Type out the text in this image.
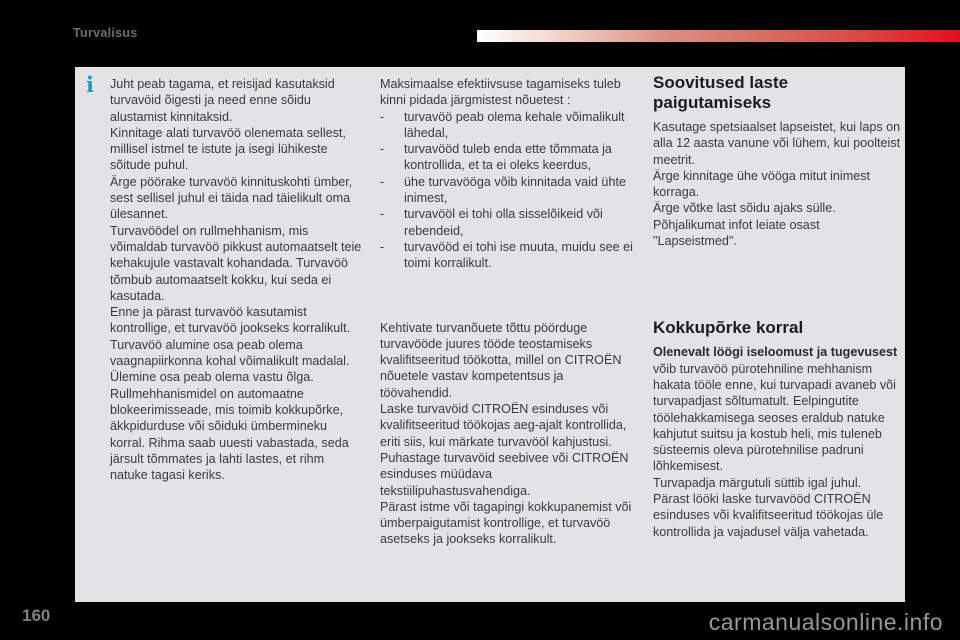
Turvalisus
i	Juht peab tagama, et reisijad kasutaksid turvavöid õigesti ja need enne sõidu alustamist kinnitaksid.

Kinnitage alati turvavöö olenemata sellest, millisel istmel te istute ja isegi lühikeste sõitude puhul.

Ärge pöörake turvavöö kinnituskohti ümber, sest sellisel juhul ei täida nad täielikult oma ülesannet.

Turvavöödel on rullmehhanism, mis võimaldab turvavöö pikkust automaatselt teie kehakujule vastavalt kohandada. Turvavöö tõmbub automaatselt kokku, kui seda ei kasutada.

Enne ja pärast turvavöö kasutamist kontrollige, et turvavöö jookseks korralikult.

Turvavöö alumine osa peab olema vaagnapiirkonna kohal võimalikult madalal. Ülemine osa peab olema vastu õlga.

Rullmehhanismidel on automaatne blokeerimisseade, mis toimib kokkupõrke, äkkpidurduse või sõiduki ümbermineku korral. Rihma saab uuesti vabastada, seda järsult tõmmates ja lahti lastes, et rihm natuke tagasi keriks.

Maksimaalse efektiivsuse tagamiseks tuleb kinni pidada järgmistest nõuetest :

-	turvavöö peab olema kehale võimalikult lähedal,
-	turvavööd tuleb enda ette tõmmata ja kontrollida, et ta ei oleks keerdus,
-	ühe turvavööga võib kinnitada vaid ühte inimest,
-	turvavööl ei tohi olla sisselõikeid või rebendeid,
-	turvavööd ei tohi ise muuta, muidu see ei toimi korralikult.

Kehtivate turvanõuete tõttu pöörduge turvavööde juures tööde teostamiseks kvalifitseeritud töökotta, millel on CITROËN nõuetele vastav kompetentsus ja töövahendid.

Laske turvavöid CITROËN esinduses või kvalifitseeritud töökojas aeg-ajalt kontrollida, eriti siis, kui märkate turvavööl kahjustusi.

Puhastage turvavöid seebivee või CITROËN esinduses müüdava tekstiilipuhastusvahendiga.

Pärast istme või tagapingi kokkupanemist või ümberpaigutamist kontrollige, et turvavöö asetseks ja jookseks korralikult.

Soovitused laste paigutamiseks

Kasutage spetsiaalset lapseistet, kui laps on alla 12 aasta vanune või lühem, kui poolteist meetrit.

Ärge kinnitage ühe vööga mitut inimest korraga.

Ärge võtke last sõidu ajaks sülle.

Põhjalikumat infot leiate osast "Lapseistmed".

Kokkupõrke korral

Olenevalt löögi iseloomust ja tugevusest võib turvavöö pürotehniline mehhanism hakata tööle enne, kui turvapadi avaneb või turvapadjast sõltumatult. Eelpingutite töölehakkamisega seoses eraldub natuke kahjutut suitsu ja kostub heli, mis tuleneb süsteemis oleva pürotehnilise padruni lõhkemisest.

Turvapadja märgutuli süttib igal juhul.

Pärast lööki laske turvavööd CITROËN esinduses või kvalifitseeritud töökojas üle kontrollida ja vajadusel välja vahetada.

160	carmanualsonline.info
